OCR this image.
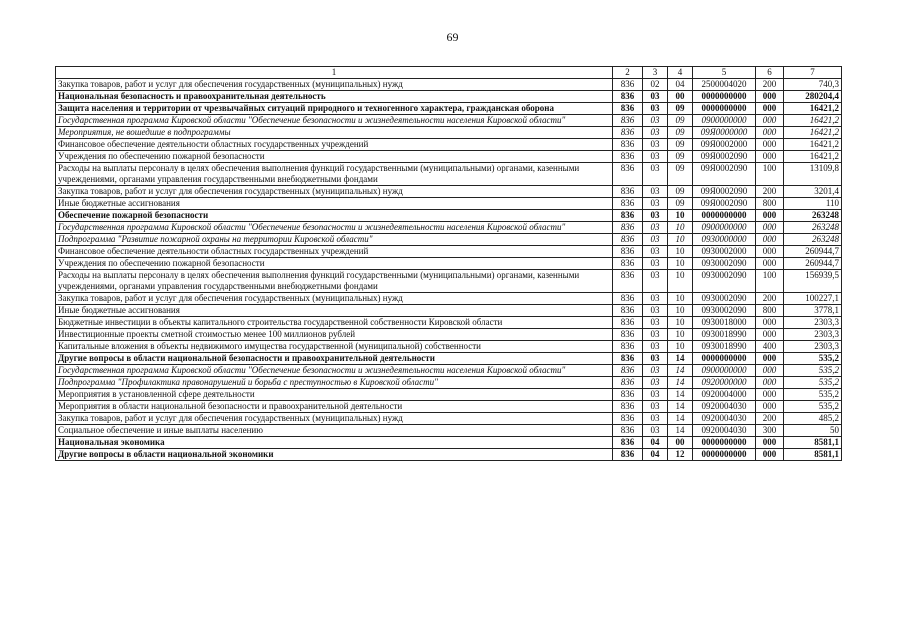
69
1	2	3	4	5	6	7
Закупка товаров, работ и услуг для обеспечения государственных (муниципальных) нужд	836	02	04	2500004020	200	740,3
Национальная безопасность и правоохранительная деятельность	836	03	00	0000000000	000	280204,4
Защита населения и территории от чрезвычайных ситуаций природного и техногенного характера, гражданская оборона	836	03	09	0000000000	000	16421,2
Государственная программа Кировской области "Обеспечение безопасности и жизнедеятельности населения Кировской области"	836	03	09	0900000000	000	16421,2
Мероприятия, не вошедшие в подпрограммы	836	03	09	09Я0000000	000	16421,2
Финансовое обеспечение деятельности областных государственных учреждений	836	03	09	09Я0002000	000	16421,2
Учреждения по обеспечению пожарной безопасности	836	03	09	09Я0002090	000	16421,2
Расходы на выплаты персоналу в целях обеспечения выполнения функций государственными (муниципальными) органами, казенными учреждениями, органами управления государственными внебюджетными фондами	836	03	09	09Я0002090	100	13109,8
Закупка товаров, работ и услуг для обеспечения государственных (муниципальных) нужд	836	03	09	09Я0002090	200	3201,4
Иные бюджетные ассигнования	836	03	09	09Я0002090	800	110
Обеспечение пожарной безопасности	836	03	10	0000000000	000	263248
Государственная программа Кировской области "Обеспечение безопасности и жизнедеятельности населения Кировской области"	836	03	10	0900000000	000	263248
Подпрограмма "Развитие пожарной охраны на территории Кировской области"	836	03	10	0930000000	000	263248
Финансовое обеспечение деятельности областных государственных учреждений	836	03	10	0930002000	000	260944,7
Учреждения по обеспечению пожарной безопасности	836	03	10	0930002090	000	260944,7
Расходы на выплаты персоналу в целях обеспечения выполнения функций государственными (муниципальными) органами, казенными учреждениями, органами управления государственными внебюджетными фондами	836	03	10	0930002090	100	156939,5
Закупка товаров, работ и услуг для обеспечения государственных (муниципальных) нужд	836	03	10	0930002090	200	100227,1
Иные бюджетные ассигнования	836	03	10	0930002090	800	3778,1
Бюджетные инвестиции в объекты капитального строительства государственной собственности Кировской области	836	03	10	0930018000	000	2303,3
Инвестиционные проекты сметной стоимостью менее 100 миллионов рублей	836	03	10	0930018990	000	2303,3
Капитальные вложения в объекты недвижимого имущества государственной (муниципальной) собственности	836	03	10	0930018990	400	2303,3
Другие вопросы в области национальной безопасности и правоохранительной деятельности	836	03	14	0000000000	000	535,2
Государственная программа Кировской области "Обеспечение безопасности и жизнедеятельности населения Кировской области"	836	03	14	0900000000	000	535,2
Подпрограмма "Профилактика правонарушений и борьба с преступностью в Кировской области"	836	03	14	0920000000	000	535,2
Мероприятия в установленной сфере деятельности	836	03	14	0920004000	000	535,2
Мероприятия в области национальной безопасности и правоохранительной деятельности	836	03	14	0920004030	000	535,2
Закупка товаров, работ и услуг для обеспечения государственных (муниципальных) нужд	836	03	14	0920004030	200	485,2
Социальное обеспечение и иные выплаты населению	836	03	14	0920004030	300	50
Национальная экономика	836	04	00	0000000000	000	8581,1
Другие вопросы в области национальной экономики	836	04	12	0000000000	000	8581,1
